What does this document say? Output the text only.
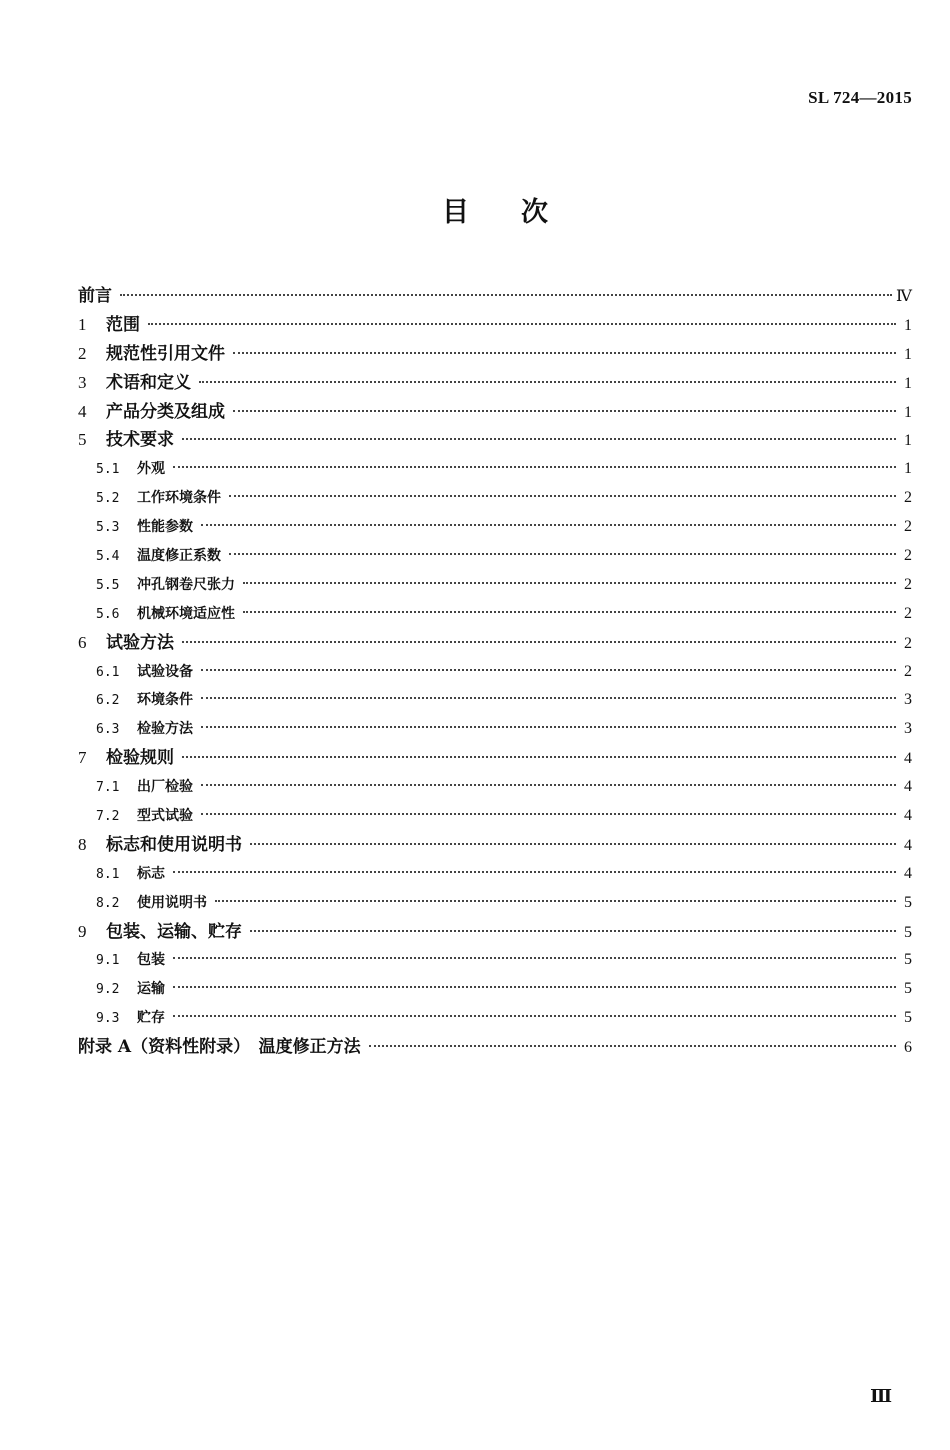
SL 724—2015
目 次
前言	Ⅳ
1	范围	1
2	规范性引用文件	1
3	术语和定义	1
4	产品分类及组成	1
5	技术要求	1
5.1	外观	1
5.2	工作环境条件	2
5.3	性能参数	2
5.4	温度修正系数	2
5.5	冲孔钢卷尺张力	2
5.6	机械环境适应性	2
6	试验方法	2
6.1	试验设备	2
6.2	环境条件	3
6.3	检验方法	3
7	检验规则	4
7.1	出厂检验	4
7.2	型式试验	4
8	标志和使用说明书	4
8.1	标志	4
8.2	使用说明书	5
9	包装、运输、贮存	5
9.1	包装	5
9.2	运输	5
9.3	贮存	5
附录 A（资料性附录）　温度修正方法	6
Ⅲ
